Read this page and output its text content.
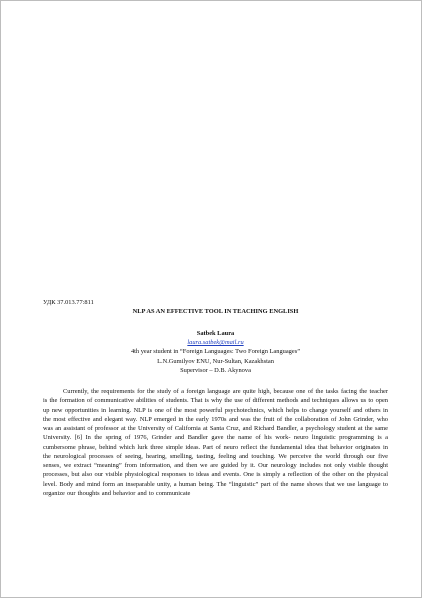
УДК 37.013.77:811
NLP AS AN EFFECTIVE TOOL IN TEACHING ENGLISH
Satbek Laura
laura.satbek@mail.ru
4th year student in “Foreign Languages: Two Foreign Languages”
L.N.Gumilyov ENU, Nur-Sultan, Kazakhstan
Supervisor – D.B. Akynova

Currently, the requirements for the study of a foreign language are quite high, because one of the tasks facing the teacher is the formation of communicative abilities of students. That is why the use of different methods and techniques allows us to open up new opportunities in learning. NLP is one of the most powerful psychotechnics, which helps to change yourself and others in the most effective and elegant way. NLP emerged in the early 1970s and was the fruit of the collaboration of John Grinder, who was an assistant of professor at the University of California at Santa Cruz, and Richard Bandler, a psychology student at the same University. [6] In the spring of 1976, Grinder and Bandler gave the name of his work- neuro linguistic programming is a cumbersome phrase, behind which lurk three simple ideas. Part of neuro reflect the fundamental idea that behavior originates in the neurological processes of seeing, hearing, smelling, tasting, feeling and touching. We perceive the world through our five senses, we extract “meaning” from information, and then we are guided by it. Our neurology includes not only visible thought processes, but also our visible physiological responses to ideas and events. One is simply a reflection of the other on the physical level. Body and mind form an inseparable unity, a human being. The “linguistic” part of the name shows that we use language to organize our thoughts and behavior and to communicate
